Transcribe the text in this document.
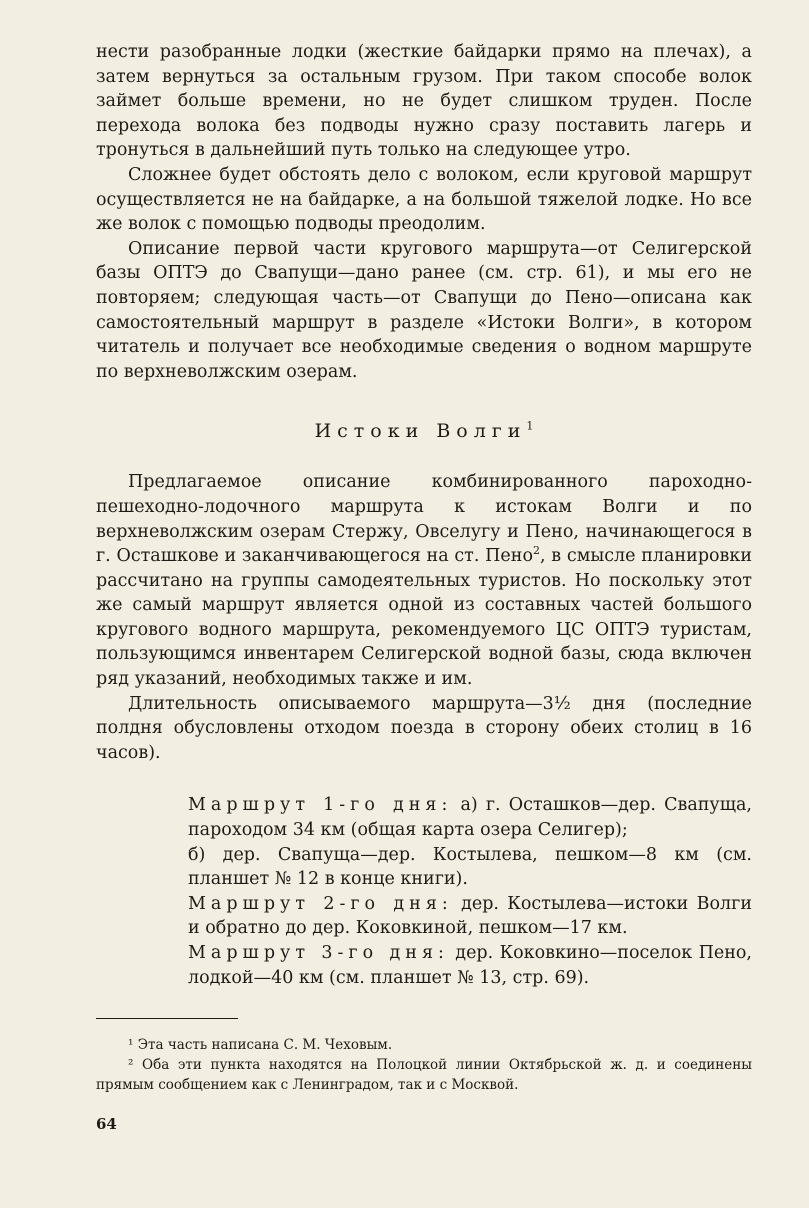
нести разобранные лодки (жесткие байдарки прямо на плечах), а затем вернуться за остальным грузом. При таком способе волок займет больше времени, но не будет слишком труден. После перехода волока без подводы нужно сразу поставить лагерь и тронуться в дальнейший путь только на следующее утро.

Сложнее будет обстоять дело с волоком, если круговой маршрут осуществляется не на байдарке, а на большой тяжелой лодке. Но все же волок с помощью подводы преодолим.

Описание первой части кругового маршрута—от Селигерской базы ОПТЭ до Свапущи—дано ранее (см. стр. 61), и мы его не повторяем; следующая часть—от Свапущи до Пено—описана как самостоятельный маршрут в разделе «Истоки Волги», в котором читатель и получает все необходимые сведения о водном маршруте по верхневолжским озерам.

Истоки Волги$^1$

Предлагаемое описание комбинированного пароходно-пешеходно-лодочного маршрута к истокам Волги и по верхневолжским озерам Стержу, Овселугу и Пено, начинающегося в г. Осташкове и заканчивающегося на ст. Пено$^2$, в смысле планировки рассчитано на группы самодеятельных туристов. Но поскольку этот же самый маршрут является одной из составных частей большого кругового водного маршрута, рекомендуемого ЦС ОПТЭ туристам, пользующимся инвентарем Селигерской водной базы, сюда включен ряд указаний, необходимых также и им.

Длительность описываемого маршрута—3½ дня (последние полдня обусловлены отходом поезда в сторону обеих столиц в 16 часов).

Маршрут 1-го дня: а) г. Осташков—дер. Свапуща, пароходом 34 км (общая карта озера Селигер);

б) дер. Свапуща—дер. Костылева, пешком—8 км (см. планшет № 12 в конце книги).

Маршрут 2-го дня: дер. Костылева—истоки Волги и обратно до дер. Коковкиной, пешком—17 км.

Маршрут 3-го дня: дер. Коковкино—поселок Пено, лодкой—40 км (см. планшет № 13, стр. 69).

¹ Эта часть написана С. М. Чеховым.

² Оба эти пункта находятся на Полоцкой линии Октябрьской ж. д. и соединены прямым сообщением как с Ленинградом, так и с Москвой.

64
